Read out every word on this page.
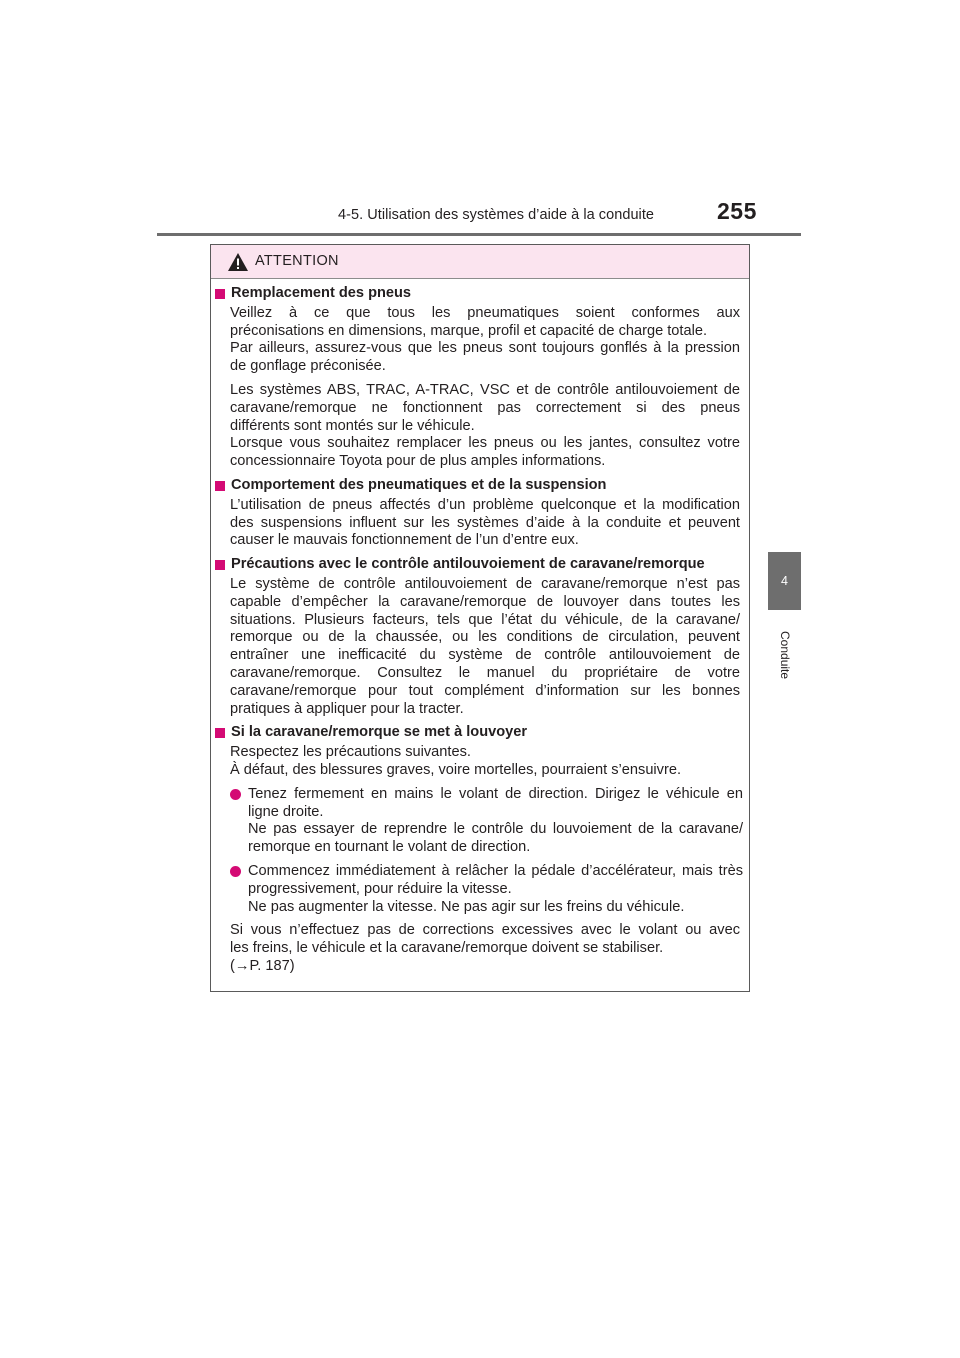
4-5. Utilisation des systèmes d’aide à la conduite	255
4
Conduite
ATTENTION
Remplacement des pneus
Veillez à ce que tous les pneumatiques soient conformes aux
préconisations en dimensions, marque, profil et capacité de charge totale.
Par ailleurs, assurez-vous que les pneus sont toujours gonflés à la pression
de gonflage préconisée.
Les systèmes ABS, TRAC, A-TRAC, VSC et de contrôle antilouvoiement de
caravane/remorque ne fonctionnent pas correctement si des pneus
différents sont montés sur le véhicule.
Lorsque vous souhaitez remplacer les pneus ou les jantes, consultez votre
concessionnaire Toyota pour de plus amples informations.
Comportement des pneumatiques et de la suspension
L’utilisation de pneus affectés d’un problème quelconque et la modification
des suspensions influent sur les systèmes d’aide à la conduite et peuvent
causer le mauvais fonctionnement de l’un d’entre eux.
Précautions avec le contrôle antilouvoiement de caravane/remorque
Le système de contrôle antilouvoiement de caravane/remorque n’est pas
capable d’empêcher la caravane/remorque de louvoyer dans toutes les
situations. Plusieurs facteurs, tels que l’état du véhicule, de la caravane/
remorque ou de la chaussée, ou les conditions de circulation, peuvent
entraîner une inefficacité du système de contrôle antilouvoiement de
caravane/remorque. Consultez le manuel du propriétaire de votre
caravane/remorque pour tout complément d’information sur les bonnes
pratiques à appliquer pour la tracter.
Si la caravane/remorque se met à louvoyer
Respectez les précautions suivantes.
À défaut, des blessures graves, voire mortelles, pourraient s’ensuivre.
Tenez fermement en mains le volant de direction. Dirigez le véhicule en
ligne droite.
Ne pas essayer de reprendre le contrôle du louvoiement de la caravane/
remorque en tournant le volant de direction.
Commencez immédiatement à relâcher la pédale d’accélérateur, mais très
progressivement, pour réduire la vitesse.
Ne pas augmenter la vitesse. Ne pas agir sur les freins du véhicule.
Si vous n’effectuez pas de corrections excessives avec le volant ou avec
les freins, le véhicule et la caravane/remorque doivent se stabiliser.
(→P. 187)
